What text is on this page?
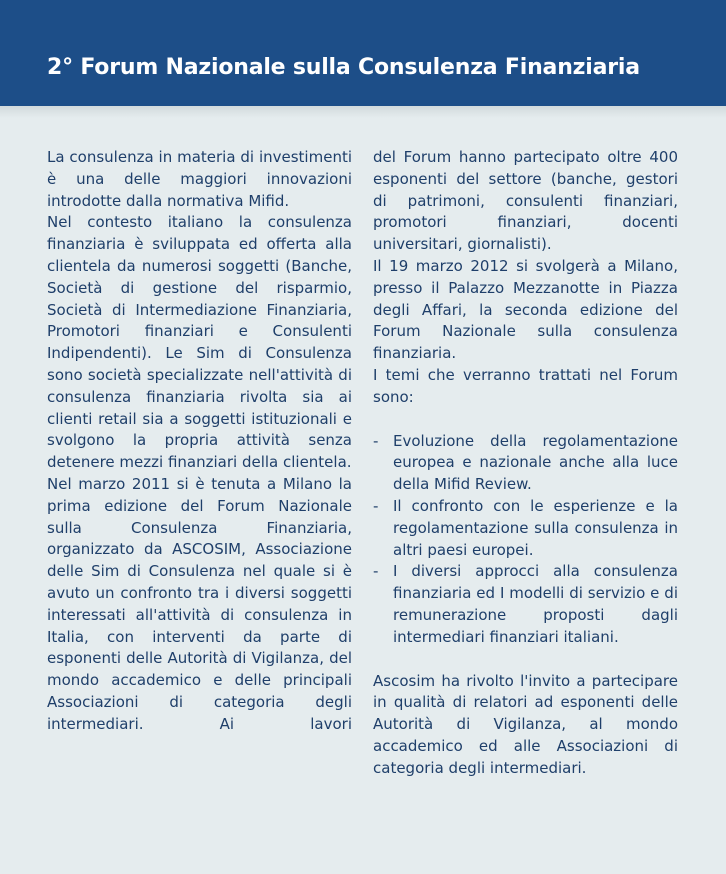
2° Forum Nazionale sulla Consulenza Finanziaria

La consulenza in materia di investimenti è una delle maggiori innovazioni introdotte dalla normativa Mifid.

Nel contesto italiano la consulenza finanziaria è sviluppata ed offerta alla clientela da numerosi soggetti (Banche, Società di gestione del risparmio, Società di Intermediazione Finanziaria, Promotori finanziari e Consulenti Indipendenti). Le Sim di Consulenza sono società specializzate nell'attività di consulenza finanziaria rivolta sia ai clienti retail sia a soggetti istituzionali e svolgono la propria attività senza detenere mezzi finanziari della clientela.

Nel marzo 2011 si è tenuta a Milano la prima edizione del Forum Nazionale sulla Consulenza Finanziaria, organizzato da ASCOSIM, Associazione delle Sim di Consulenza nel quale si è avuto un confronto tra i diversi soggetti interessati all'attività di consulenza in Italia, con interventi da parte di esponenti delle Autorità di Vigilanza, del mondo accademico e delle principali Associazioni di categoria degli intermediari. Ai lavori

del Forum hanno partecipato oltre 400 esponenti del settore (banche, gestori di patrimoni, consulenti finanziari, promotori finanziari, docenti universitari, giornalisti).

Il 19 marzo 2012 si svolgerà a Milano, presso il Palazzo Mezzanotte in Piazza degli Affari, la seconda edizione del Forum Nazionale sulla consulenza finanziaria.

I temi che verranno trattati nel Forum sono:

- Evoluzione della regolamentazione europea e nazionale anche alla luce della Mifid Review.
- Il confronto con le esperienze e la regolamentazione sulla consulenza in altri paesi europei.
- I diversi approcci alla consulenza finanziaria ed I modelli di servizio e di remunerazione proposti dagli intermediari finanziari italiani.

Ascosim ha rivolto l'invito a partecipare in qualità di relatori ad esponenti delle Autorità di Vigilanza, al mondo accademico ed alle Associazioni di categoria degli intermediari.
